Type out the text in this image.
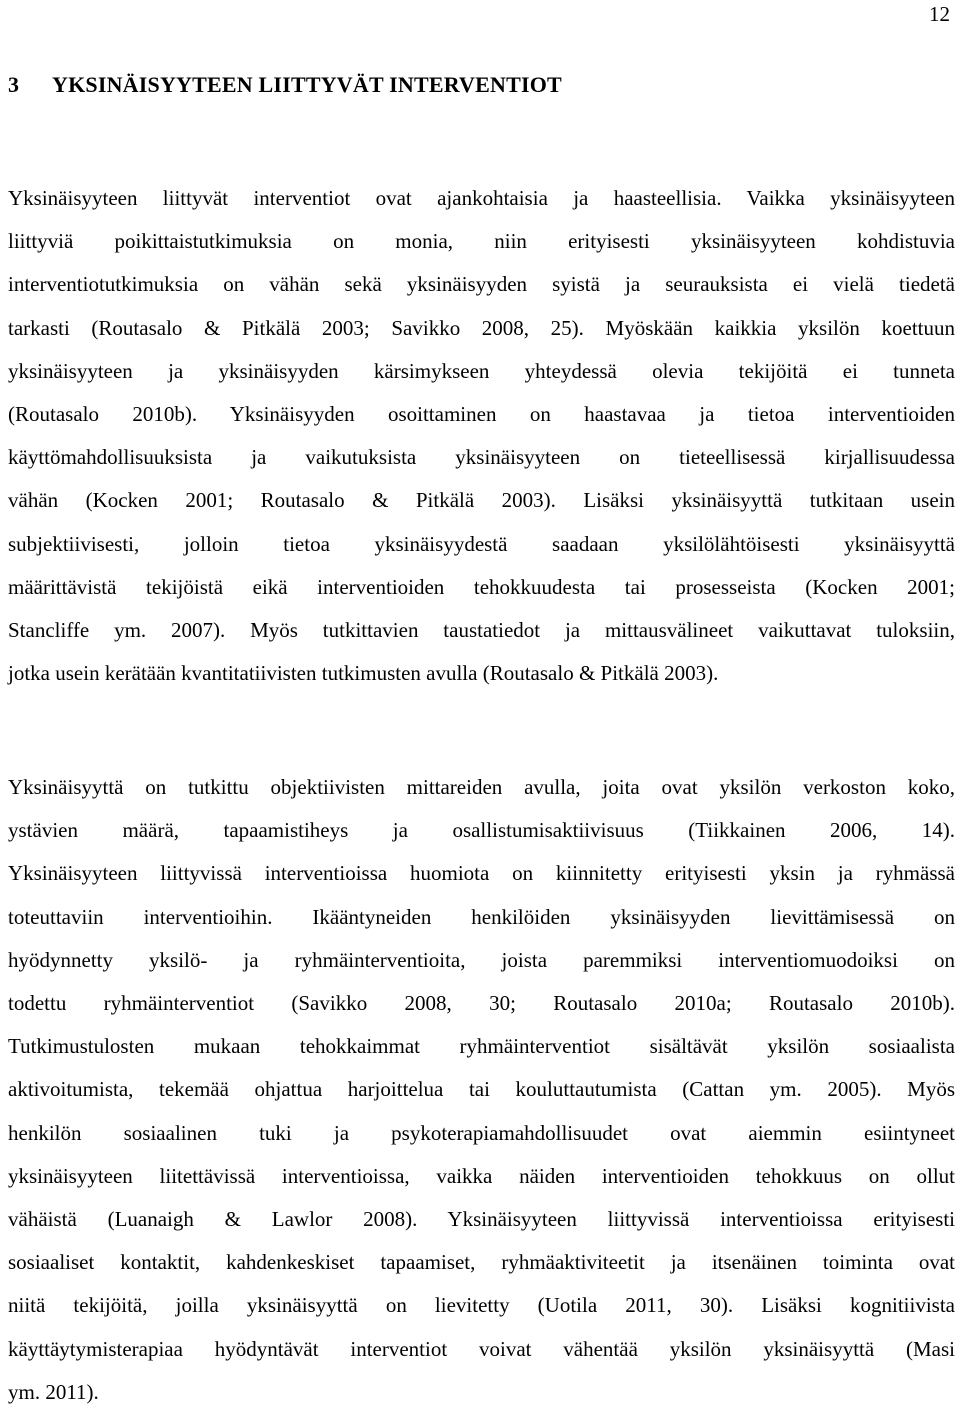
12
3 YKSINÄISYYTEEN LIITTYVÄT INTERVENTIOT
Yksinäisyyteen liittyvät interventiot ovat ajankohtaisia ja haasteellisia. Vaikka yksinäisyyteen
liittyviä poikittaistutkimuksia on monia, niin erityisesti yksinäisyyteen kohdistuvia
interventiotutkimuksia on vähän sekä yksinäisyyden syistä ja seurauksista ei vielä tiedetä
tarkasti (Routasalo & Pitkälä 2003; Savikko 2008, 25). Myöskään kaikkia yksilön koettuun
yksinäisyyteen ja yksinäisyyden kärsimykseen yhteydessä olevia tekijöitä ei tunneta
(Routasalo 2010b). Yksinäisyyden osoittaminen on haastavaa ja tietoa interventioiden
käyttömahdollisuuksista ja vaikutuksista yksinäisyyteen on tieteellisessä kirjallisuudessa
vähän (Kocken 2001; Routasalo & Pitkälä 2003). Lisäksi yksinäisyyttä tutkitaan usein
subjektiivisesti, jolloin tietoa yksinäisyydestä saadaan yksilölähtöisesti yksinäisyyttä
määrittävistä tekijöistä eikä interventioiden tehokkuudesta tai prosesseista (Kocken 2001;
Stancliffe ym. 2007). Myös tutkittavien taustatiedot ja mittausvälineet vaikuttavat tuloksiin,
jotka usein kerätään kvantitatiivisten tutkimusten avulla (Routasalo & Pitkälä 2003).
Yksinäisyyttä on tutkittu objektiivisten mittareiden avulla, joita ovat yksilön verkoston koko,
ystävien määrä, tapaamistiheys ja osallistumisaktiivisuus (Tiikkainen 2006, 14).
Yksinäisyyteen liittyvissä interventioissa huomiota on kiinnitetty erityisesti yksin ja ryhmässä
toteuttaviin interventioihin. Ikääntyneiden henkilöiden yksinäisyyden lievittämisessä on
hyödynnetty yksilö- ja ryhmäinterventioita, joista paremmiksi interventiomuodoiksi on
todettu ryhmäinterventiot (Savikko 2008, 30; Routasalo 2010a; Routasalo 2010b).
Tutkimustulosten mukaan tehokkaimmat ryhmäinterventiot sisältävät yksilön sosiaalista
aktivoitumista, tekemää ohjattua harjoittelua tai kouluttautumista (Cattan ym. 2005). Myös
henkilön sosiaalinen tuki ja psykoterapiamahdollisuudet ovat aiemmin esiintyneet
yksinäisyyteen liitettävissä interventioissa, vaikka näiden interventioiden tehokkuus on ollut
vähäistä (Luanaigh & Lawlor 2008). Yksinäisyyteen liittyvissä interventioissa erityisesti
sosiaaliset kontaktit, kahdenkeskiset tapaamiset, ryhmäaktiviteetit ja itsenäinen toiminta ovat
niitä tekijöitä, joilla yksinäisyyttä on lievitetty (Uotila 2011, 30). Lisäksi kognitiivista
käyttäytymisterapiaa hyödyntävät interventiot voivat vähentää yksilön yksinäisyyttä (Masi
ym. 2011).
